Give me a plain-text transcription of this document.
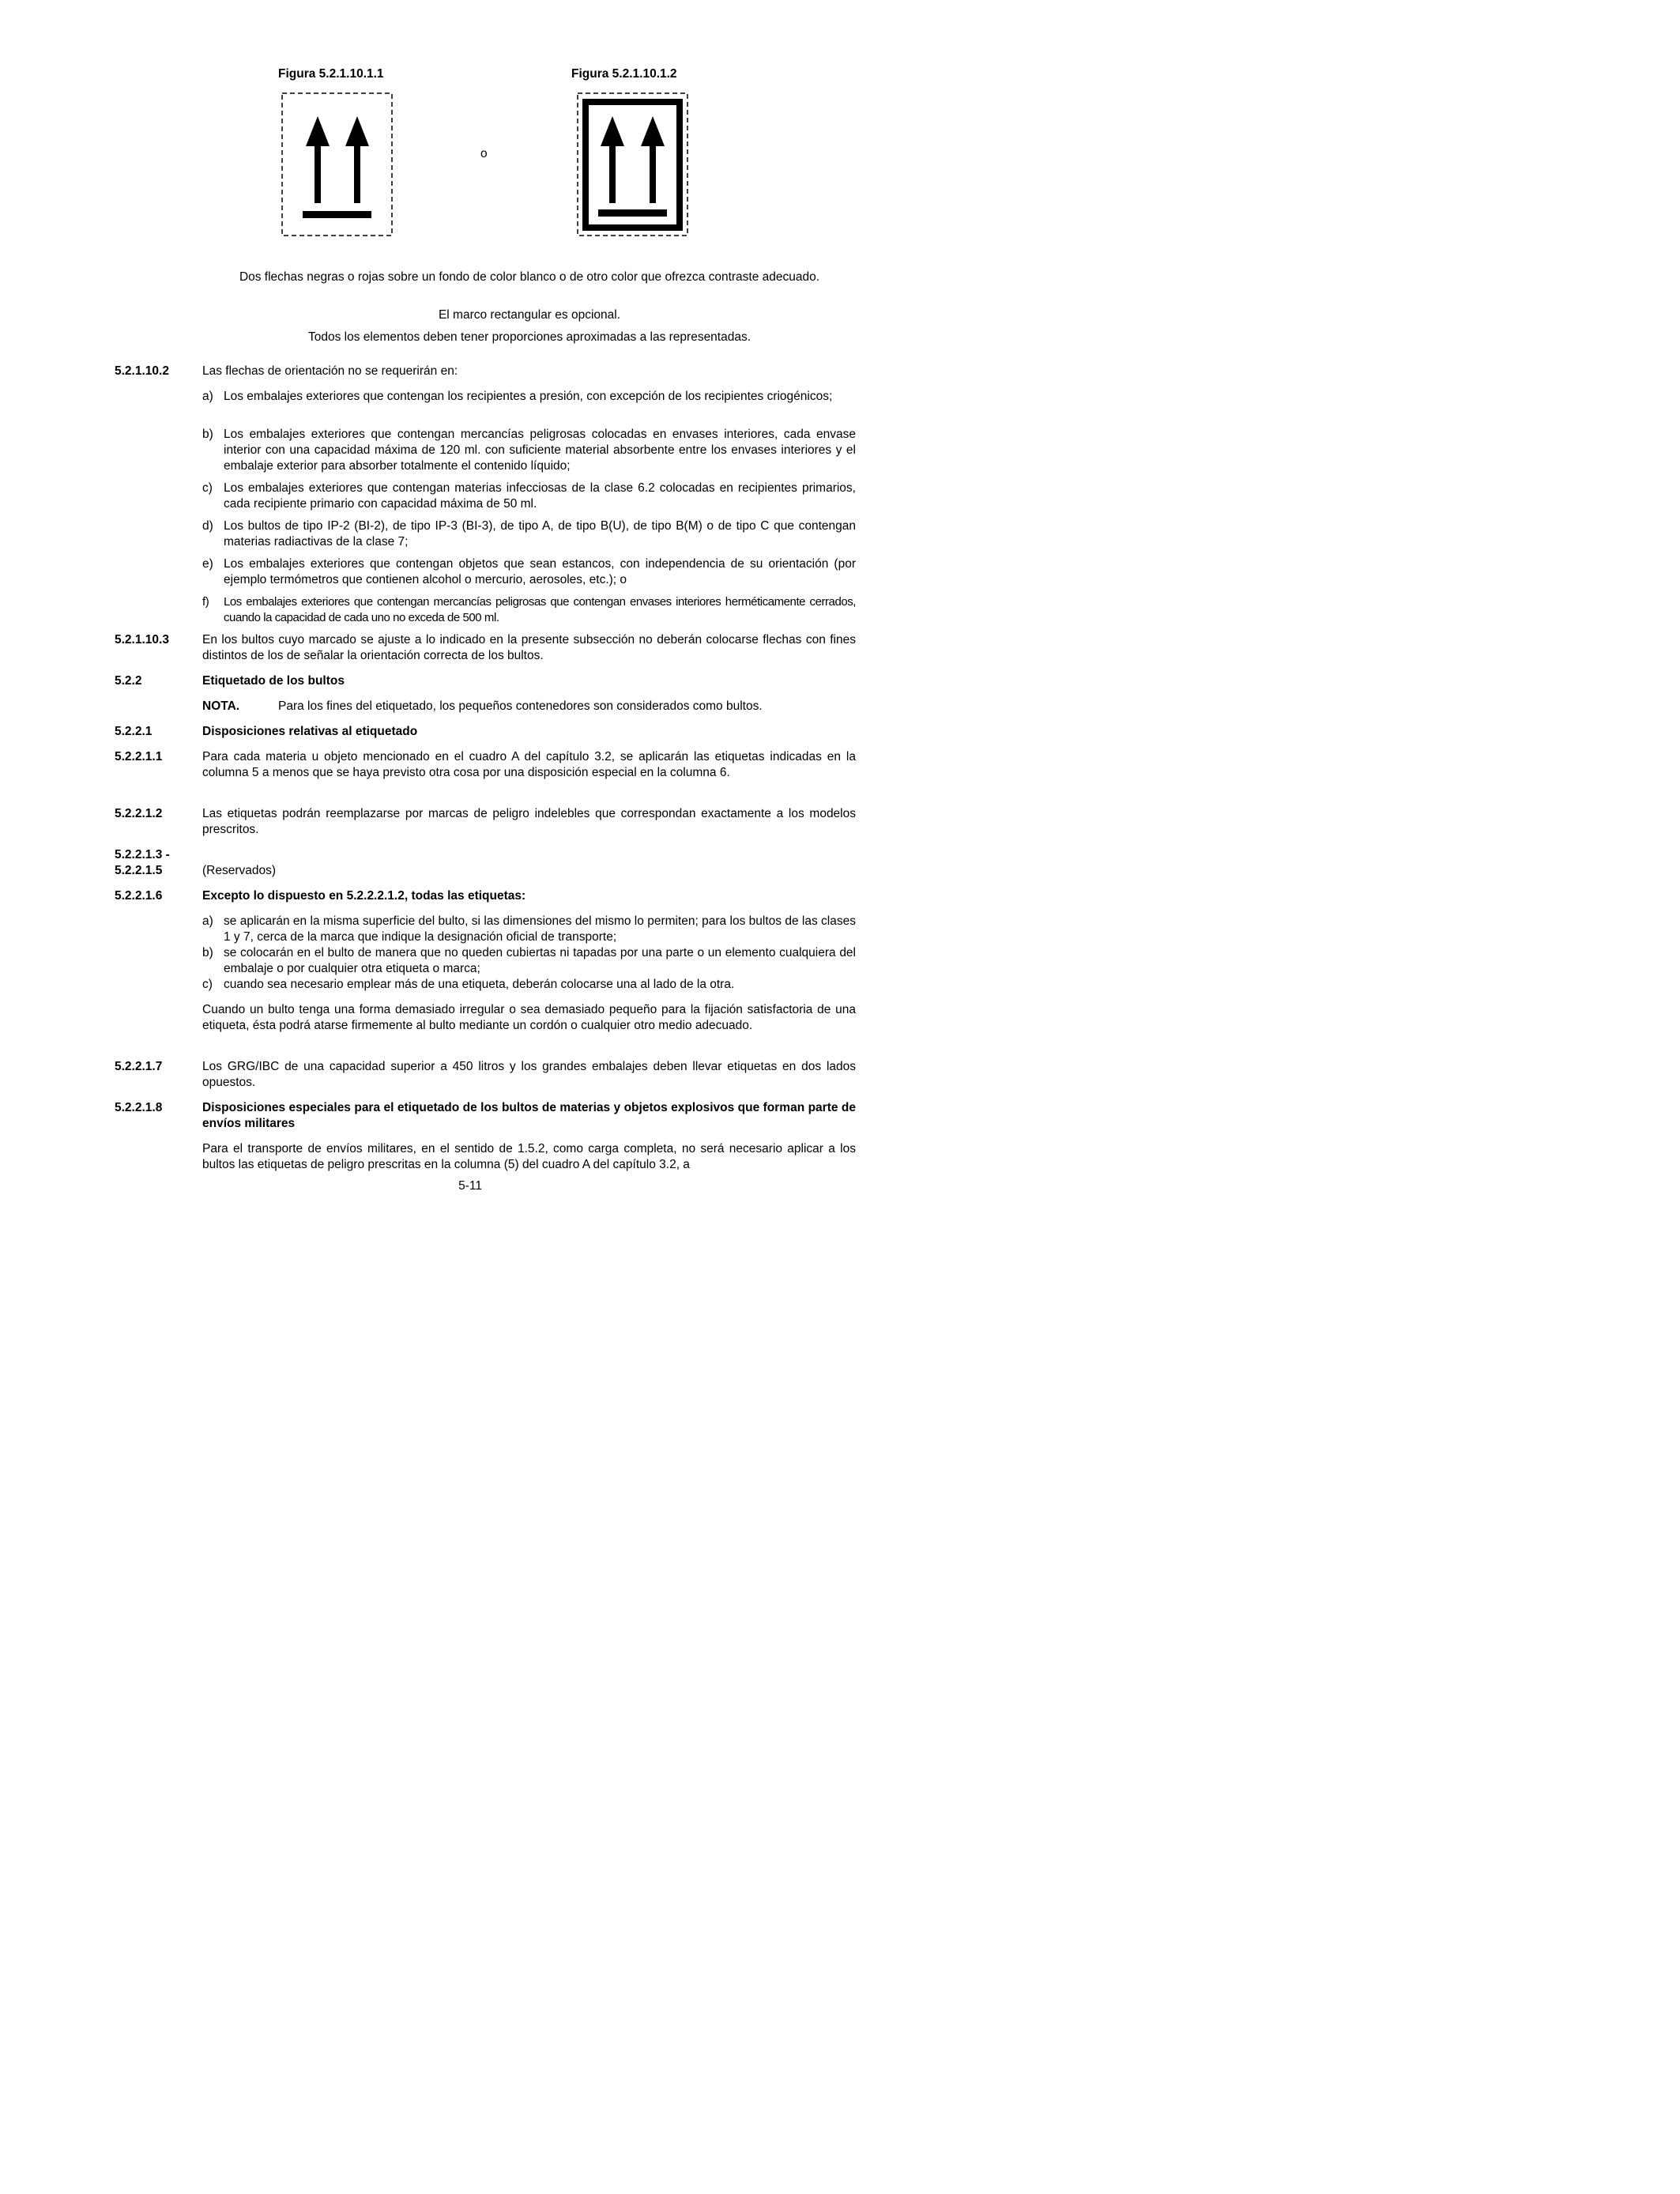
Figura 5.2.1.10.1.1	Figura 5.2.1.10.1.2
o
Dos flechas negras o rojas sobre un fondo de color blanco o de otro color que ofrezca contraste adecuado.
El marco rectangular es opcional.
Todos los elementos deben tener proporciones aproximadas a las representadas.
5.2.1.10.2	Las flechas de orientación no se requerirán en:
a) Los embalajes exteriores que contengan los recipientes a presión, con excepción de los recipientes criogénicos;
b) Los embalajes exteriores que contengan mercancías peligrosas colocadas en envases interiores, cada envase interior con una capacidad máxima de 120 ml. con suficiente material absorbente entre los envases interiores y el embalaje exterior para absorber totalmente el contenido líquido;
c) Los embalajes exteriores que contengan materias infecciosas de la clase 6.2 colocadas en recipientes primarios, cada recipiente primario con capacidad máxima de 50 ml.
d) Los bultos de tipo IP-2 (BI-2), de tipo IP-3 (BI-3), de tipo A, de tipo B(U), de tipo B(M) o de tipo C que contengan materias radiactivas de la clase 7;
e) Los embalajes exteriores que contengan objetos que sean estancos, con independencia de su orientación (por ejemplo termómetros que contienen alcohol o mercurio, aerosoles, etc.); o
f) Los embalajes exteriores que contengan mercancías peligrosas que contengan envases interiores herméticamente cerrados, cuando la capacidad de cada uno no exceda de 500 ml.
5.2.1.10.3	En los bultos cuyo marcado se ajuste a lo indicado en la presente subsección no deberán colocarse flechas con fines distintos de los de señalar la orientación correcta de los bultos.
5.2.2	Etiquetado de los bultos
NOTA.	Para los fines del etiquetado, los pequeños contenedores son considerados como bultos.
5.2.2.1	Disposiciones relativas al etiquetado
5.2.2.1.1	Para cada materia u objeto mencionado en el cuadro A del capítulo 3.2, se aplicarán las etiquetas indicadas en la columna 5 a menos que se haya previsto otra cosa por una disposición especial en la columna 6.
5.2.2.1.2	Las etiquetas podrán reemplazarse por marcas de peligro indelebles que correspondan exactamente a los modelos prescritos.
5.2.2.1.3 -
5.2.2.1.5	(Reservados)
5.2.2.1.6	Excepto lo dispuesto en 5.2.2.2.1.2, todas las etiquetas:
a) se aplicarán en la misma superficie del bulto, si las dimensiones del mismo lo permiten; para los bultos de las clases 1 y 7, cerca de la marca que indique la designación oficial de transporte;
b) se colocarán en el bulto de manera que no queden cubiertas ni tapadas por una parte o un elemento cualquiera del embalaje o por cualquier otra etiqueta o marca;
c) cuando sea necesario emplear más de una etiqueta, deberán colocarse una al lado de la otra.
Cuando un bulto tenga una forma demasiado irregular o sea demasiado pequeño para la fijación satisfactoria de una etiqueta, ésta podrá atarse firmemente al bulto mediante un cordón o cualquier otro medio adecuado.
5.2.2.1.7	Los GRG/IBC de una capacidad superior a 450 litros y los grandes embalajes deben llevar etiquetas en dos lados opuestos.
5.2.2.1.8	Disposiciones especiales para el etiquetado de los bultos de materias y objetos explosivos que forman parte de envíos militares
Para el transporte de envíos militares, en el sentido de 1.5.2, como carga completa, no será necesario aplicar a los bultos las etiquetas de peligro prescritas en la columna (5) del cuadro A del capítulo 3.2, a
5-11
